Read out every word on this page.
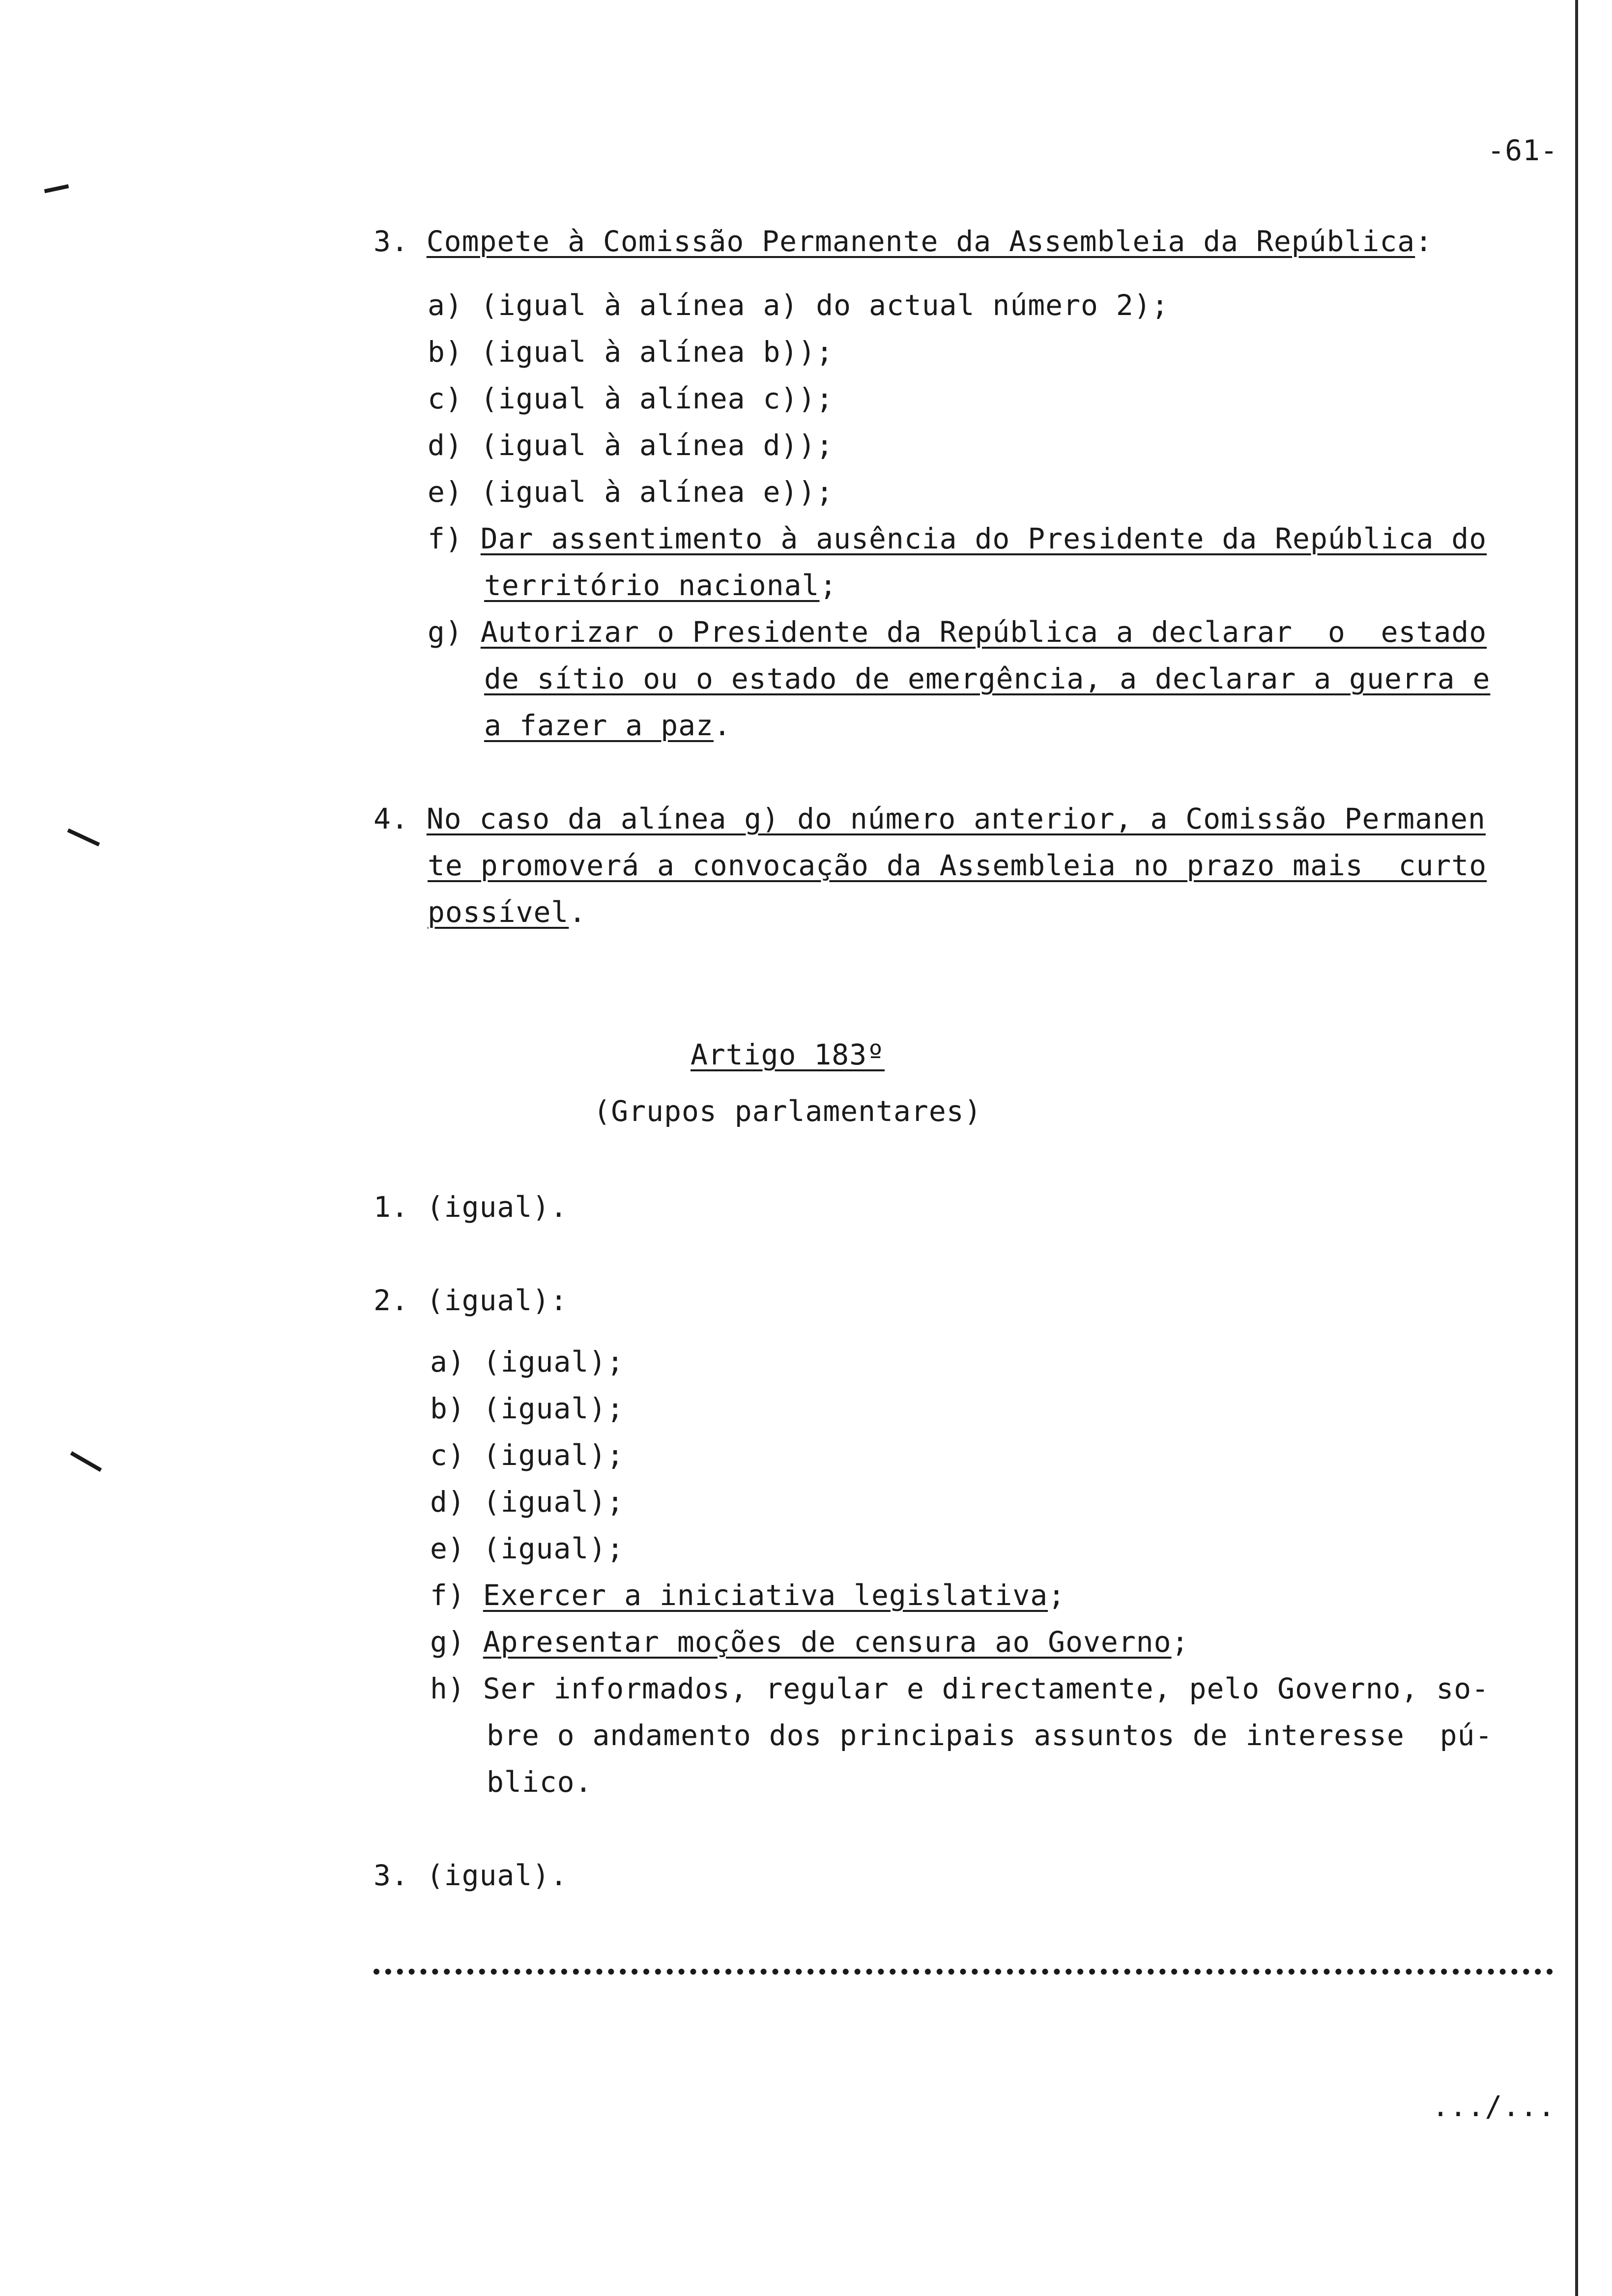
-61-
3. Compete à Comissão Permanente da Assembleia da República:
a) (igual à alínea a) do actual número 2);
b) (igual à alínea b));
c) (igual à alínea c));
d) (igual à alínea d));
e) (igual à alínea e));
f) Dar assentimento à ausência do Presidente da República do
território nacional;
g) Autorizar o Presidente da República a declarar  o  estado
de sítio ou o estado de emergência, a declarar a guerra e
a fazer a paz.
4. No caso da alínea g) do número anterior, a Comissão Permanen
te promoverá a convocação da Assembleia no prazo mais  curto
possível.
Artigo 183º
(Grupos parlamentares)
1. (igual).
2. (igual):
a) (igual);
b) (igual);
c) (igual);
d) (igual);
e) (igual);
f) Exercer a iniciativa legislativa;
g) Apresentar moções de censura ao Governo;
h) Ser informados, regular e directamente, pelo Governo, so-
bre o andamento dos principais assuntos de interesse  pú-
blico.
3. (igual).
.../...
